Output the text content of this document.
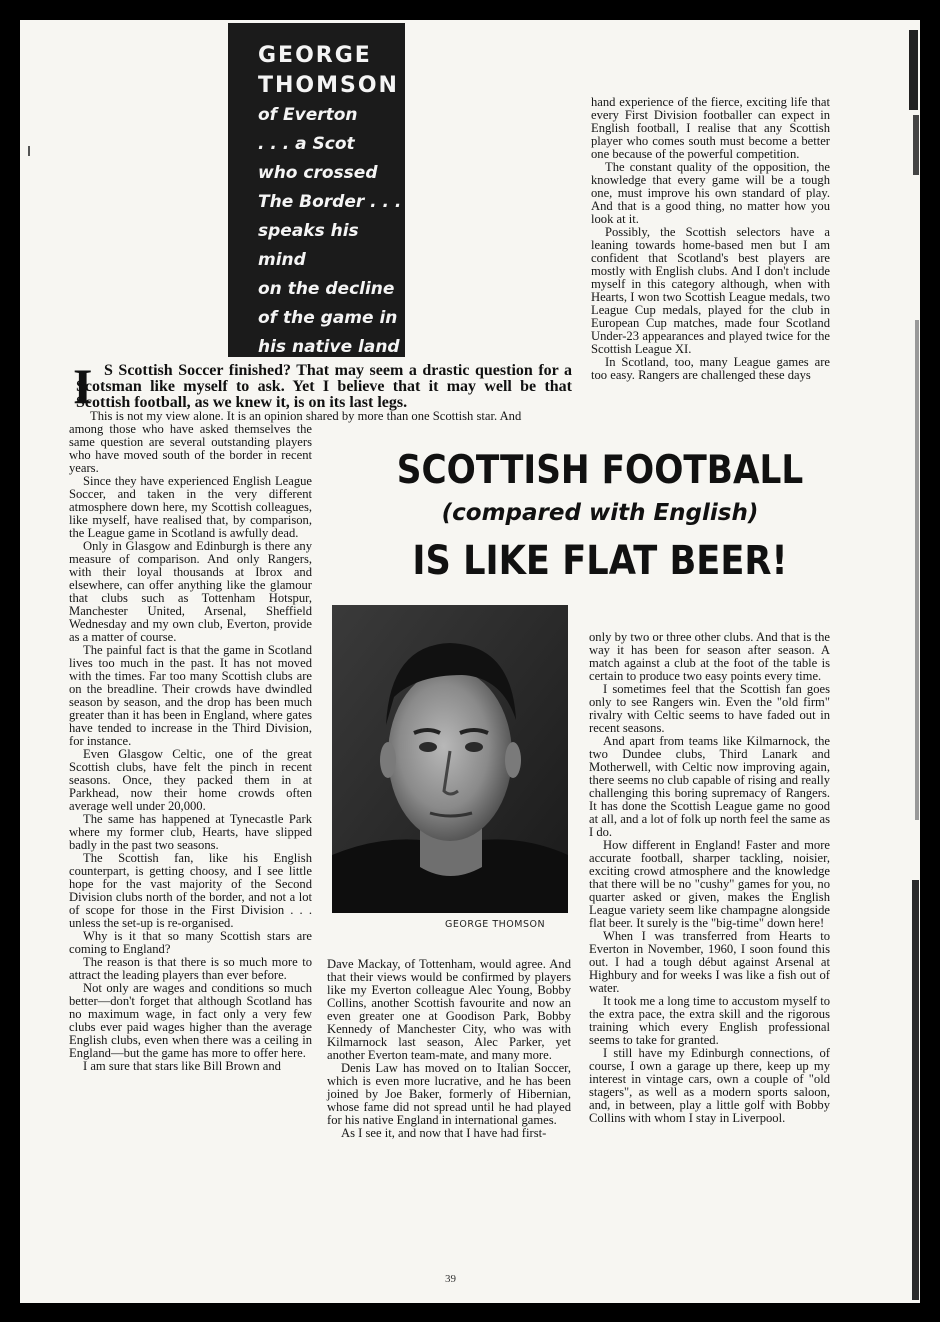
GEORGE

THOMSON

of Everton

. . . a Scot

who crossed

The Border . . .

speaks his mind

on the decline

of the game in

his native land

I S Scottish Soccer finished? That may seem a drastic question for a Scotsman like myself to ask. Yet I believe that it may well be that Scottish football, as we knew it, is on its last legs.
This is not my view alone. It is an opinion shared by more than one Scottish star. And

among those who have asked themselves the same question are several outstanding players who have moved south of the border in recent years.

Since they have experienced English League Soccer, and taken in the very different atmosphere down here, my Scottish colleagues, like myself, have realised that, by comparison, the League game in Scotland is awfully dead.

Only in Glasgow and Edinburgh is there any measure of comparison. And only Rangers, with their loyal thousands at Ibrox and elsewhere, can offer anything like the glamour that clubs such as Tottenham Hotspur, Manchester United, Arsenal, Sheffield Wednesday and my own club, Everton, provide as a matter of course.

The painful fact is that the game in Scotland lives too much in the past. It has not moved with the times. Far too many Scottish clubs are on the breadline. Their crowds have dwindled season by season, and the drop has been much greater than it has been in England, where gates have tended to increase in the Third Division, for instance.

Even Glasgow Celtic, one of the great Scottish clubs, have felt the pinch in recent seasons. Once, they packed them in at Parkhead, now their home crowds often average well under 20,000.

The same has happened at Tynecastle Park where my former club, Hearts, have slipped badly in the past two seasons.

The Scottish fan, like his English counterpart, is getting choosy, and I see little hope for the vast majority of the Second Division clubs north of the border, and not a lot of scope for those in the First Division . . . unless the set-up is re-organised.

Why is it that so many Scottish stars are coming to England?

The reason is that there is so much more to attract the leading players than ever before.

Not only are wages and conditions so much better—don't forget that although Scotland has no maximum wage, in fact only a very few clubs ever paid wages higher than the average English clubs, even when there was a ceiling in England—but the game has more to offer here.

I am sure that stars like Bill Brown and

hand experience of the fierce, exciting life that every First Division footballer can expect in English football, I realise that any Scottish player who comes south must become a better one because of the powerful competition.

The constant quality of the opposition, the knowledge that every game will be a tough one, must improve his own standard of play. And that is a good thing, no matter how you look at it.

Possibly, the Scottish selectors have a leaning towards home-based men but I am confident that Scotland's best players are mostly with English clubs. And I don't include myself in this category although, when with Hearts, I won two Scottish League medals, two League Cup medals, played for the club in European Cup matches, made four Scotland Under-23 appearances and played twice for the Scottish League XI.

In Scotland, too, many League games are too easy. Rangers are challenged these days

SCOTTISH FOOTBALL
(compared with English)
IS LIKE FLAT BEER!
GEORGE THOMSON

Dave Mackay, of Tottenham, would agree. And that their views would be confirmed by players like my Everton colleague Alec Young, Bobby Collins, another Scottish favourite and now an even greater one at Goodison Park, Bobby Kennedy of Manchester City, who was with Kilmarnock last season, Alec Parker, yet another Everton team-mate, and many more.

Denis Law has moved on to Italian Soccer, which is even more lucrative, and he has been joined by Joe Baker, formerly of Hibernian, whose fame did not spread until he had played for his native England in international games.

As I see it, and now that I have had first-

only by two or three other clubs. And that is the way it has been for season after season. A match against a club at the foot of the table is certain to produce two easy points every time.

I sometimes feel that the Scottish fan goes only to see Rangers win. Even the "old firm" rivalry with Celtic seems to have faded out in recent seasons.

And apart from teams like Kilmarnock, the two Dundee clubs, Third Lanark and Motherwell, with Celtic now improving again, there seems no club capable of rising and really challenging this boring supremacy of Rangers. It has done the Scottish League game no good at all, and a lot of folk up north feel the same as I do.

How different in England! Faster and more accurate football, sharper tackling, noisier, exciting crowd atmosphere and the knowledge that there will be no "cushy" games for you, no quarter asked or given, makes the English League variety seem like champagne alongside flat beer. It surely is the "big-time" down here!

When I was transferred from Hearts to Everton in November, 1960, I soon found this out. I had a tough début against Arsenal at Highbury and for weeks I was like a fish out of water.

It took me a long time to accustom myself to the extra pace, the extra skill and the rigorous training which every English professional seems to take for granted.

I still have my Edinburgh connections, of course, I own a garage up there, keep up my interest in vintage cars, own a couple of "old stagers", as well as a modern sports saloon, and, in between, play a little golf with Bobby Collins with whom I stay in Liverpool.

39
